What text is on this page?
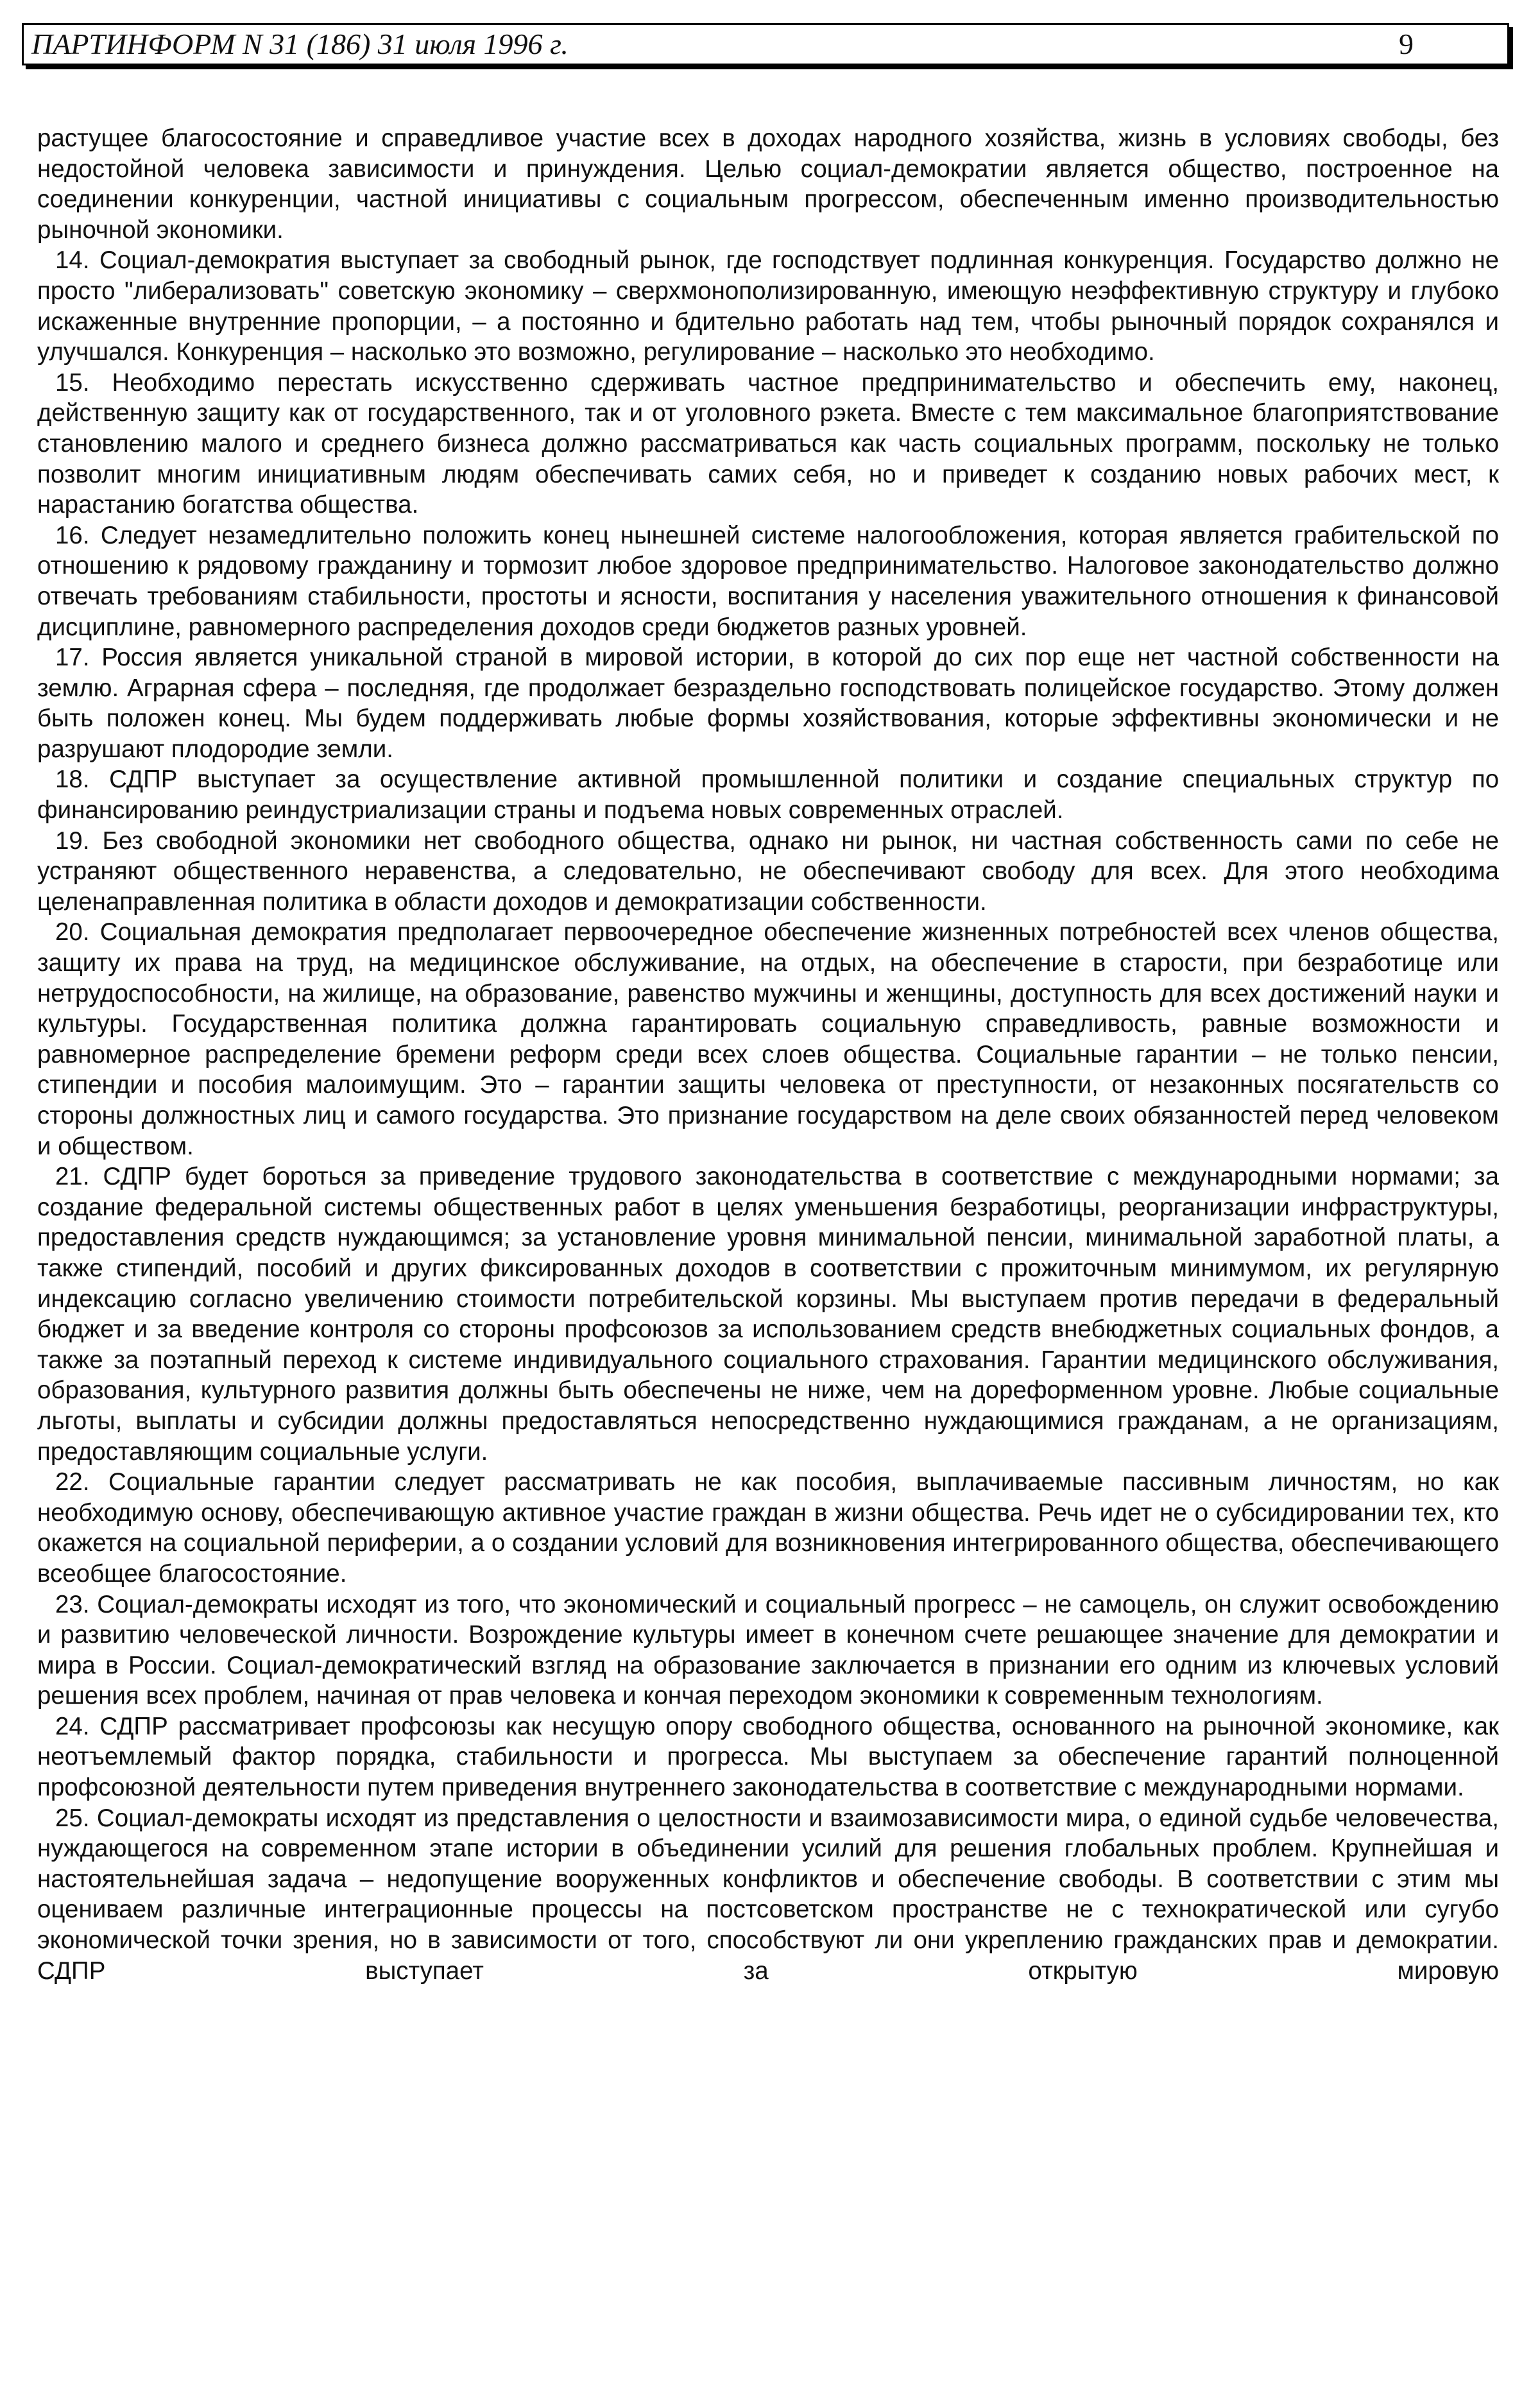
ПАРТИНФОРМ N 31 (186) 31 июля 1996 г.	9

растущее благосостояние и справедливое участие всех в доходах народного хозяйства, жизнь в условиях свободы, без недостойной человека зависимости и принуждения. Целью социал-демократии является общество, построенное на соединении конкуренции, частной инициативы с социальным прогрессом, обеспеченным именно производительностью рыночной экономики.

14. Социал-демократия выступает за свободный рынок, где господствует подлинная конкуренция. Государство должно не просто "либерализовать" советскую экономику – сверхмонополизированную, имеющую неэффективную структуру и глубоко искаженные внутренние пропорции, – а постоянно и бдительно работать над тем, чтобы рыночный порядок сохранялся и улучшался. Конкуренция – насколько это возможно, регулирование – насколько это необходимо.

15. Необходимо перестать искусственно сдерживать частное предпринимательство и обеспечить ему, наконец, действенную защиту как от государственного, так и от уголовного рэкета. Вместе с тем максимальное благоприятствование становлению малого и среднего бизнеса должно рассматриваться как часть социальных программ, поскольку не только позволит многим инициативным людям обеспечивать самих себя, но и приведет к созданию новых рабочих мест, к нарастанию богатства общества.

16. Следует незамедлительно положить конец нынешней системе налогообложения, которая является грабительской по отношению к рядовому гражданину и тормозит любое здоровое предпринимательство. Налоговое законодательство должно отвечать требованиям стабильности, простоты и ясности, воспитания у населения уважительного отношения к финансовой дисциплине, равномерного распределения доходов среди бюджетов разных уровней.

17. Россия является уникальной страной в мировой истории, в которой до сих пор еще нет частной собственности на землю. Аграрная сфера – последняя, где продолжает безраздельно господствовать полицейское государство. Этому должен быть положен конец. Мы будем поддерживать любые формы хозяйствования, которые эффективны экономически и не разрушают плодородие земли.

18. СДПР выступает за осуществление активной промышленной политики и создание специальных структур по финансированию реиндустриализации страны и подъема новых современных отраслей.

19. Без свободной экономики нет свободного общества, однако ни рынок, ни частная собственность сами по себе не устраняют общественного неравенства, а следовательно, не обеспечивают свободу для всех. Для этого необходима целенаправленная политика в области доходов и демократизации собственности.

20. Социальная демократия предполагает первоочередное обеспечение жизненных потребностей всех членов общества, защиту их права на труд, на медицинское обслуживание, на отдых, на обеспечение в старости, при безработице или нетрудоспособности, на жилище, на образование, равенство мужчины и женщины, доступность для всех достижений науки и культуры. Государственная политика должна гарантировать социальную справедливость, равные возможности и равномерное распределение бремени реформ среди всех слоев общества. Социальные гарантии – не только пенсии, стипендии и пособия малоимущим. Это – гарантии защиты человека от преступности, от незаконных посягательств со стороны должностных лиц и самого государства. Это признание государством на деле своих обязанностей перед человеком и обществом.

21. СДПР будет бороться за приведение трудового законодательства в соответствие с международными нормами; за создание федеральной системы общественных работ в целях уменьшения безработицы, реорганизации инфраструктуры, предоставления средств нуждающимся; за установление уровня минимальной пенсии, минимальной заработной платы, а также стипендий, пособий и других фиксированных доходов в соответствии с прожиточным минимумом, их регулярную индексацию согласно увеличению стоимости потребительской корзины. Мы выступаем против передачи в федеральный бюджет и за введение контроля со стороны профсоюзов за использованием средств внебюджетных социальных фондов, а также за поэтапный переход к системе индивидуального социального страхования. Гарантии медицинского обслуживания, образования, культурного развития должны быть обеспечены не ниже, чем на дореформенном уровне. Любые социальные льготы, выплаты и субсидии должны предоставляться непосредственно нуждающимися гражданам, а не организациям, предоставляющим социальные услуги.

22. Социальные гарантии следует рассматривать не как пособия, выплачиваемые пассивным личностям, но как необходимую основу, обеспечивающую активное участие граждан в жизни общества. Речь идет не о субсидировании тех, кто окажется на социальной периферии, а о создании условий для возникновения интегрированного общества, обеспечивающего всеобщее благосостояние.

23. Социал-демократы исходят из того, что экономический и социальный прогресс – не самоцель, он служит освобождению и развитию человеческой личности. Возрождение культуры имеет в конечном счете решающее значение для демократии и мира в России. Социал-демократический взгляд на образование заключается в признании его одним из ключевых условий решения всех проблем, начиная от прав человека и кончая переходом экономики к современным технологиям.

24. СДПР рассматривает профсоюзы как несущую опору свободного общества, основанного на рыночной экономике, как неотъемлемый фактор порядка, стабильности и прогресса. Мы выступаем за обеспечение гарантий полноценной профсоюзной деятельности путем приведения внутреннего законодательства в соответствие с международными нормами.

25. Социал-демократы исходят из представления о целостности и взаимозависимости мира, о единой судьбе человечества, нуждающегося на современном этапе истории в объединении усилий для решения глобальных проблем. Крупнейшая и настоятельнейшая задача – недопущение вооруженных конфликтов и обеспечение свободы. В соответствии с этим мы оцениваем различные интеграционные процессы на постсоветском пространстве не с технократической или сугубо экономической точки зрения, но в зависимости от того, способствуют ли они укреплению гражданских прав и демократии. СДПР выступает за открытую мировую
